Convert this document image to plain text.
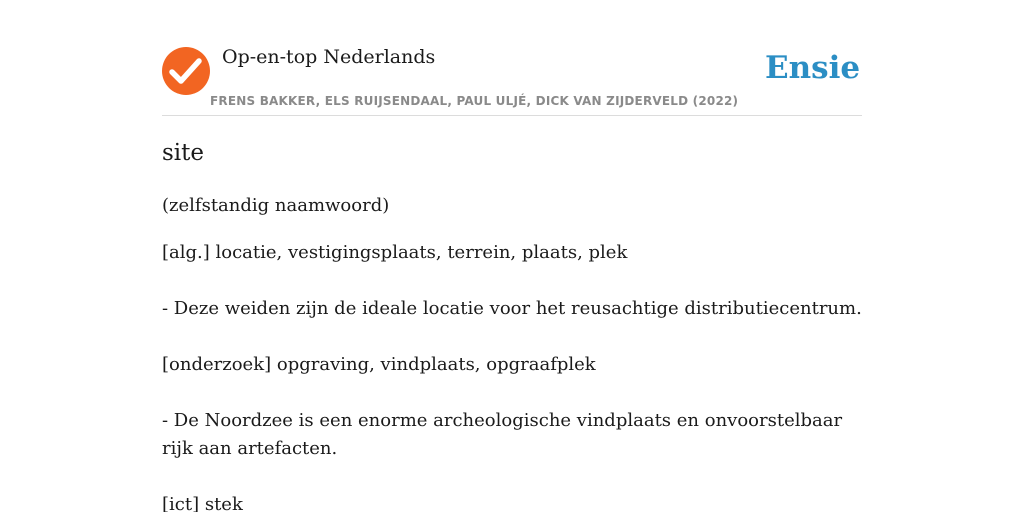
Op-en-top Nederlands
FRENS BAKKER, ELS RUIJSENDAAL, PAUL ULJÉ, DICK VAN ZIJDERVELD (2022)
Ensie
site
(zelfstandig naamwoord)
[alg.] locatie, vestigingsplaats, terrein, plaats, plek
- Deze weiden zijn de ideale locatie voor het reusachtige distributiecentrum.
[onderzoek] opgraving, vindplaats, opgraafplek
- De Noordzee is een enorme archeologische vindplaats en onvoorstelbaar rijk aan artefacten.
[ict] stek
